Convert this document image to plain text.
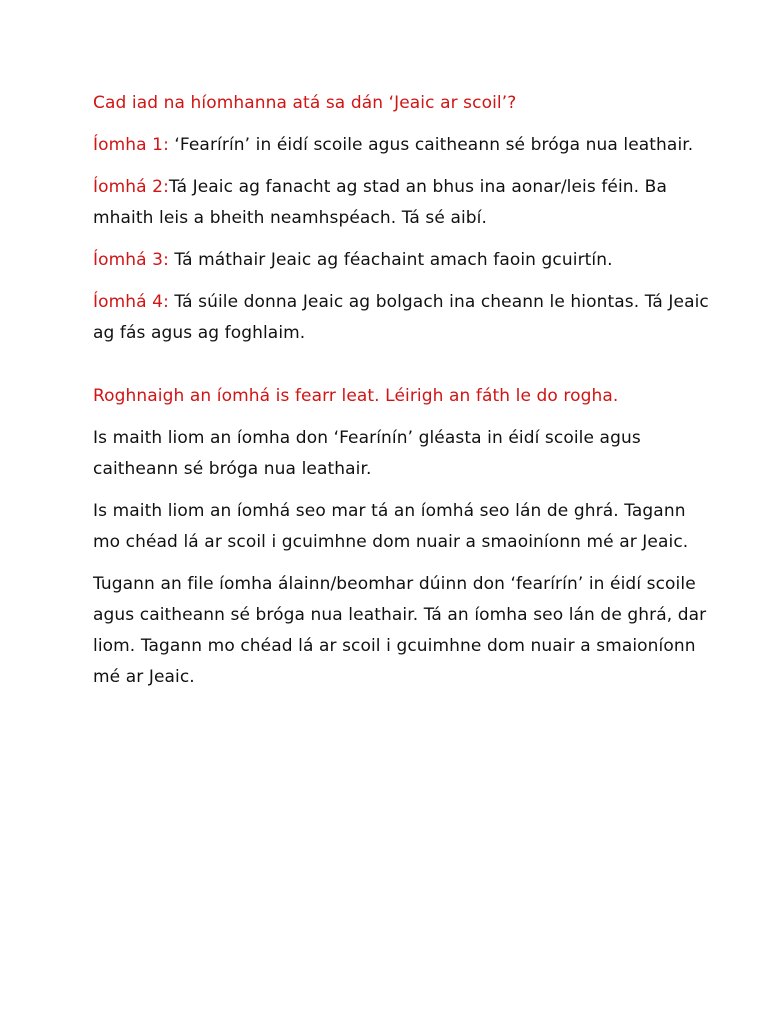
Cad iad na híomhanna atá sa dán ‘Jeaic ar scoil’?

Íomha 1: ‘Fearírín’ in éidí scoile agus caitheann sé bróga nua leathair.

Íomhá 2:Tá Jeaic ag fanacht ag stad an bhus ina aonar/leis féin. Ba mhaith leis a bheith neamhspéach. Tá sé aibí.

Íomhá 3: Tá máthair Jeaic ag féachaint amach faoin gcuirtín.

Íomhá 4: Tá súile donna Jeaic ag bolgach ina cheann le hiontas. Tá Jeaic ag fás agus ag foghlaim.

Roghnaigh an íomhá is fearr leat. Léirigh an fáth le do rogha.

Is maith liom an íomha don ‘Fearínín’ gléasta in éidí scoile agus caitheann sé bróga nua leathair.

Is maith liom an íomhá seo mar tá an íomhá seo lán de ghrá. Tagann mo chéad lá ar scoil i gcuimhne dom nuair a smaoiníonn mé ar Jeaic.

Tugann an file íomha álainn/beomhar dúinn don ‘fearírín’ in éidí scoile agus caitheann sé bróga nua leathair. Tá an íomha seo lán de ghrá, dar liom. Tagann mo chéad lá ar scoil i gcuimhne dom nuair a smaioníonn mé ar Jeaic.
